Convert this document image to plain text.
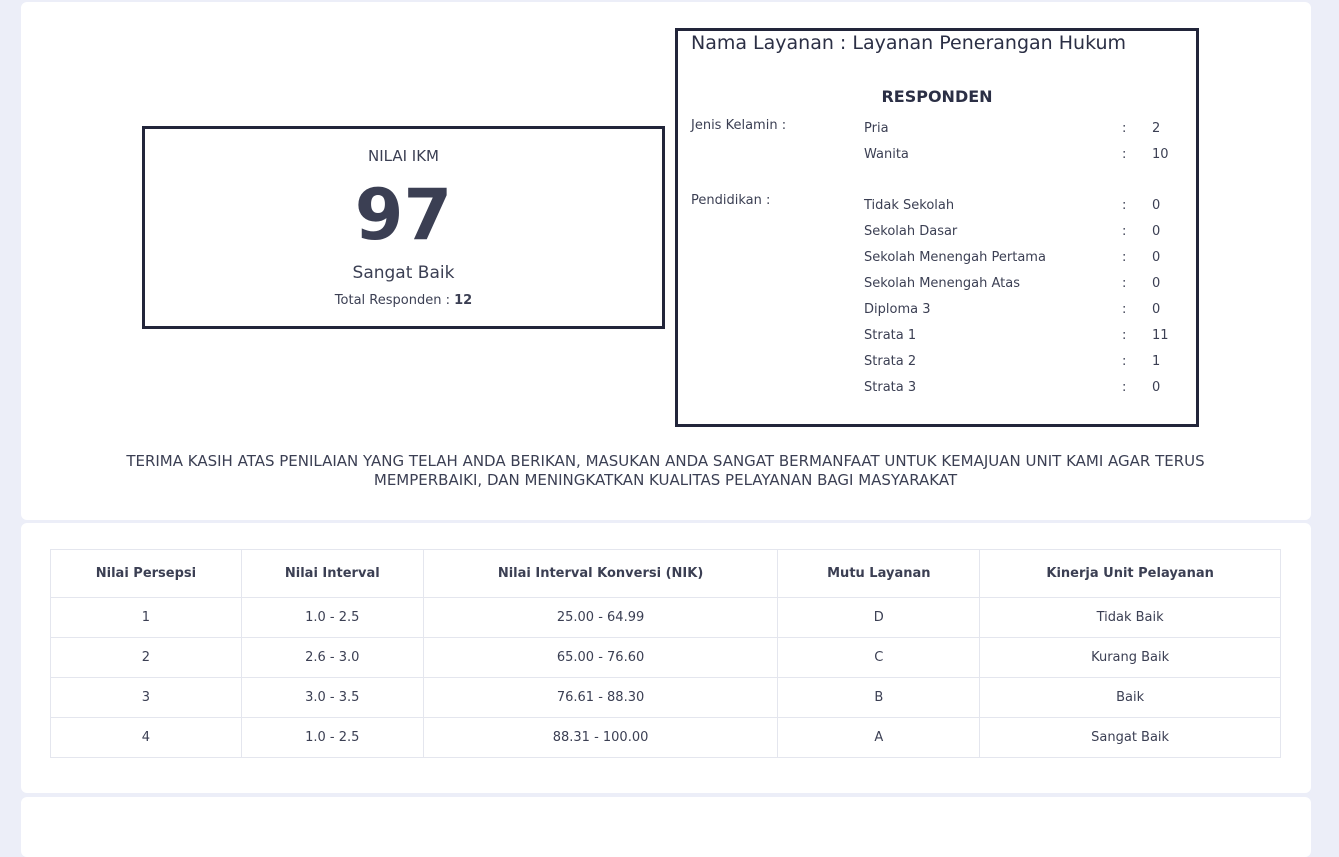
NILAI IKM
97
Sangat Baik
Total Responden : 12
Nama Layanan : Layanan Penerangan Hukum
RESPONDEN
Jenis Kelamin :
Pendidikan :
Pria	: 2
Wanita	: 10
Tidak Sekolah	: 0
Sekolah Dasar	: 0
Sekolah Menengah Pertama	: 0
Sekolah Menengah Atas	: 0
Diploma 3	: 0
Strata 1	: 11
Strata 2	: 1
Strata 3	: 0
TERIMA KASIH ATAS PENILAIAN YANG TELAH ANDA BERIKAN, MASUKAN ANDA SANGAT BERMANFAAT UNTUK KEMAJUAN UNIT KAMI AGAR TERUS
MEMPERBAIKI, DAN MENINGKATKAN KUALITAS PELAYANAN BAGI MASYARAKAT
Nilai Persepsi	Nilai Interval	Nilai Interval Konversi (NIK)	Mutu Layanan	Kinerja Unit Pelayanan
1	1.0 - 2.5	25.00 - 64.99	D	Tidak Baik
2	2.6 - 3.0	65.00 - 76.60	C	Kurang Baik
3	3.0 - 3.5	76.61 - 88.30	B	Baik
4	1.0 - 2.5	88.31 - 100.00	A	Sangat Baik
